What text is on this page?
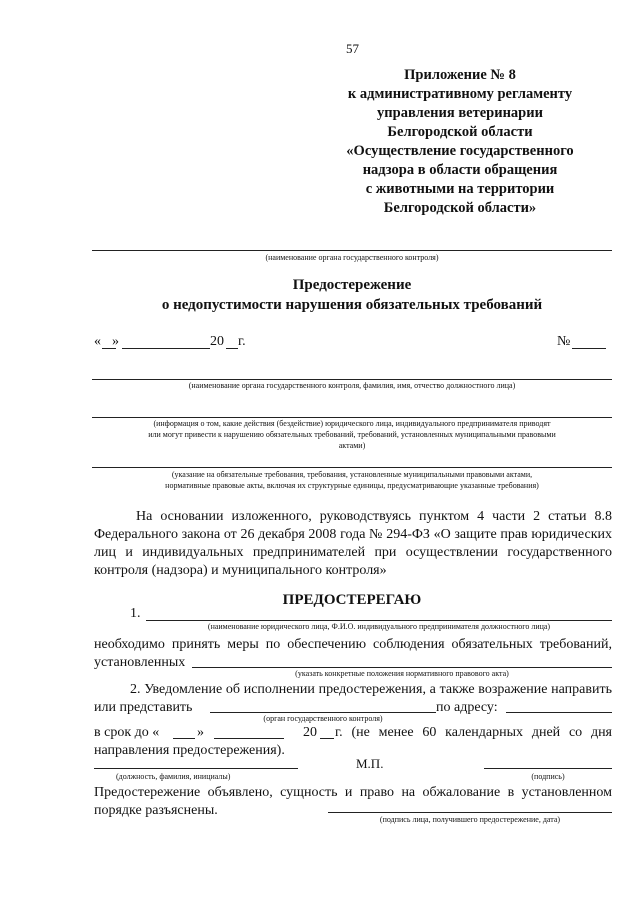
57
Приложение № 8
к административному регламенту
управления ветеринарии
Белгородской области
«Осуществление государственного
надзора в области обращения
с животными на территории
Белгородской области»
(наименование органа государственного контроля)
Предостережение
о недопустимости нарушения обязательных требований
« »	20 г.	№
(наименование органа государственного контроля, фамилия, имя, отчество должностного лица)
(информация о том, какие действия (бездействие) юридического лица, индивидуального предпринимателя приводят
или могут привести к нарушению обязательных требований, требований, установленных муниципальными правовыми
актами)
(указание на обязательные требования, требования, установленные муниципальными правовыми актами,
нормативные правовые акты, включая их структурные единицы, предусматривающие указанные требования)
На основании изложенного, руководствуясь пунктом 4 части 2 статьи 8.8
Федерального закона от 26 декабря 2008 года № 294-ФЗ «О защите прав юридических
лиц и индивидуальных предпринимателей при осуществлении государственного
контроля (надзора) и муниципального контроля»
ПРЕДОСТЕРЕГАЮ
1.
(наименование юридического лица, Ф.И.О. индивидуального предпринимателя должностного лица)
необходимо принять меры по обеспечению соблюдения обязательных требований,
установленных
(указать конкретные положения нормативного правового акта)
2. Уведомление об исполнении предостережения, а также возражение направить
или представить	по адресу:
(орган государственного контроля)
в срок до «	»	20 г. (не менее 60 календарных дней со дня
направления предостережения).
М.П.
(должность, фамилия, инициалы)	(подпись)
Предостережение объявлено, сущность и право на обжалование в установленном
порядке разъяснены.
(подпись лица, получившего предостережение, дата)
